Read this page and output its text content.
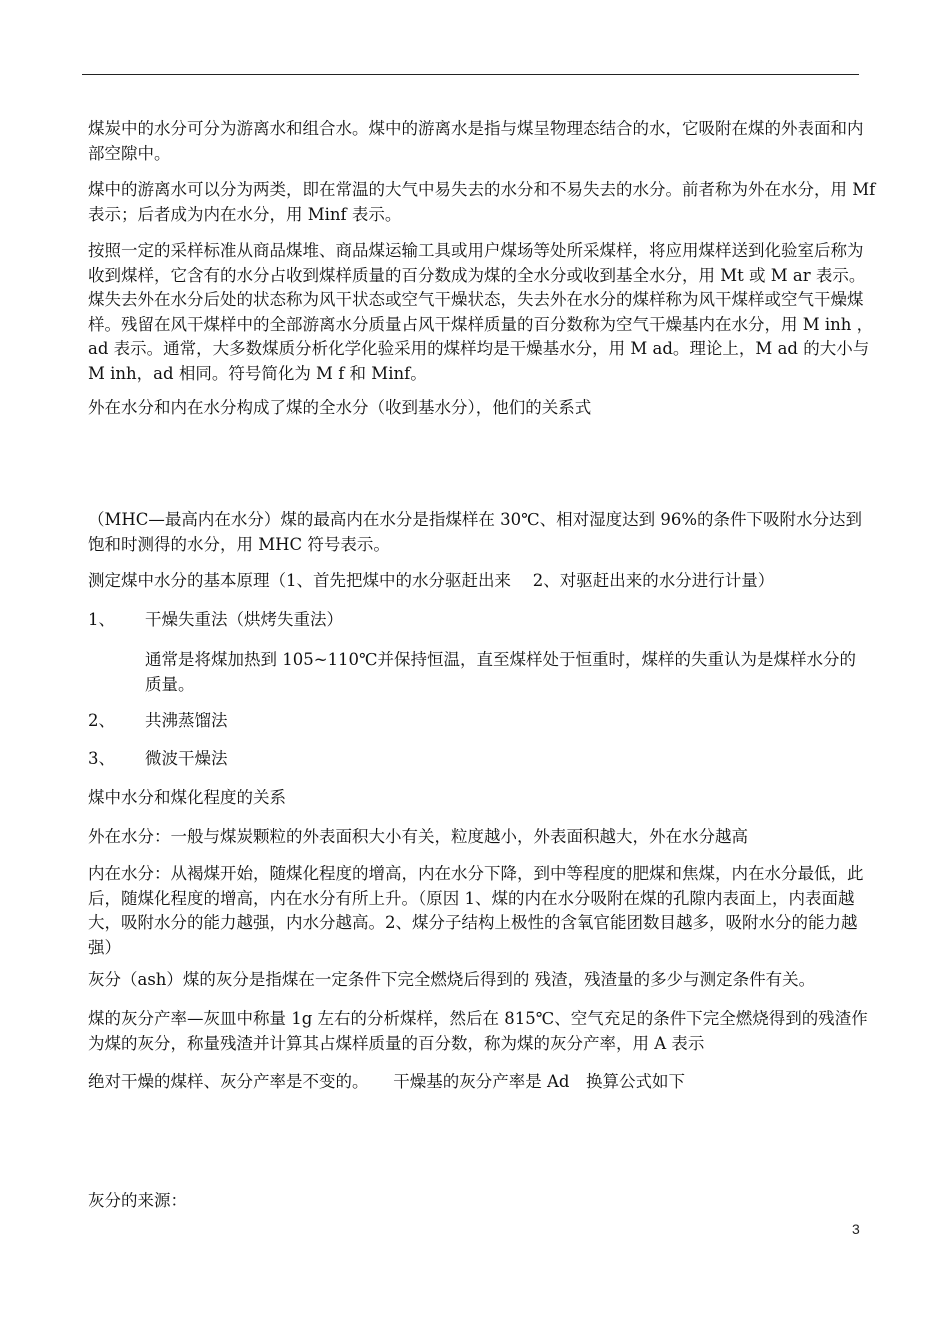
煤炭中的水分可分为游离水和组合水。煤中的游离水是指与煤呈物理态结合的水，它吸附在煤的外表面和内部空隙中。

煤中的游离水可以分为两类，即在常温的大气中易失去的水分和不易失去的水分。前者称为外在水分，用 Mf 表示；后者成为内在水分，用 Minf 表示。

按照一定的采样标准从商品煤堆、商品煤运输工具或用户煤场等处所采煤样，将应用煤样送到化验室后称为收到煤样，它含有的水分占收到煤样质量的百分数成为煤的全水分或收到基全水分，用 Mt 或 M ar 表示。煤失去外在水分后处的状态称为风干状态或空气干燥状态，失去外在水分的煤样称为风干煤样或空气干燥煤样。残留在风干煤样中的全部游离水分质量占风干煤样质量的百分数称为空气干燥基内在水分，用 M inh ，ad 表示。通常，大多数煤质分析化学化验采用的煤样均是干燥基水分，用 M ad。理论上，M ad 的大小与 M inh，ad 相同。符号简化为 M f 和 Minf。

外在水分和内在水分构成了煤的全水分（收到基水分），他们的关系式

（MHC—最高内在水分）煤的最高内在水分是指煤样在 30℃、相对湿度达到 96%的条件下吸附水分达到饱和时测得的水分，用 MHC 符号表示。

测定煤中水分的基本原理（1、首先把煤中的水分驱赶出来　 2、对驱赶出来的水分进行计量）

1、 干燥失重法（烘烤失重法）

通常是将煤加热到 105~110℃并保持恒温，直至煤样处于恒重时，煤样的失重认为是煤样水分的质量。

2、 共沸蒸馏法
3、 微波干燥法

煤中水分和煤化程度的关系

外在水分：一般与煤炭颗粒的外表面积大小有关，粒度越小，外表面积越大，外在水分越高

内在水分：从褐煤开始，随煤化程度的增高，内在水分下降，到中等程度的肥煤和焦煤，内在水分最低，此后，随煤化程度的增高，内在水分有所上升。（原因 1、煤的内在水分吸附在煤的孔隙内表面上，内表面越大，吸附水分的能力越强，内水分越高。2、煤分子结构上极性的含氧官能团数目越多，吸附水分的能力越强）

灰分（ash）煤的灰分是指煤在一定条件下完全燃烧后得到的 残渣，残渣量的多少与测定条件有关。

煤的灰分产率—灰皿中称量 1g 左右的分析煤样，然后在 815℃、空气充足的条件下完全燃烧得到的残渣作为煤的灰分，称量残渣并计算其占煤样质量的百分数，称为煤的灰分产率，用 A 表示

绝对干燥的煤样、灰分产率是不变的。　　干燥基的灰分产率是 Ad　换算公式如下

灰分的来源：

3
